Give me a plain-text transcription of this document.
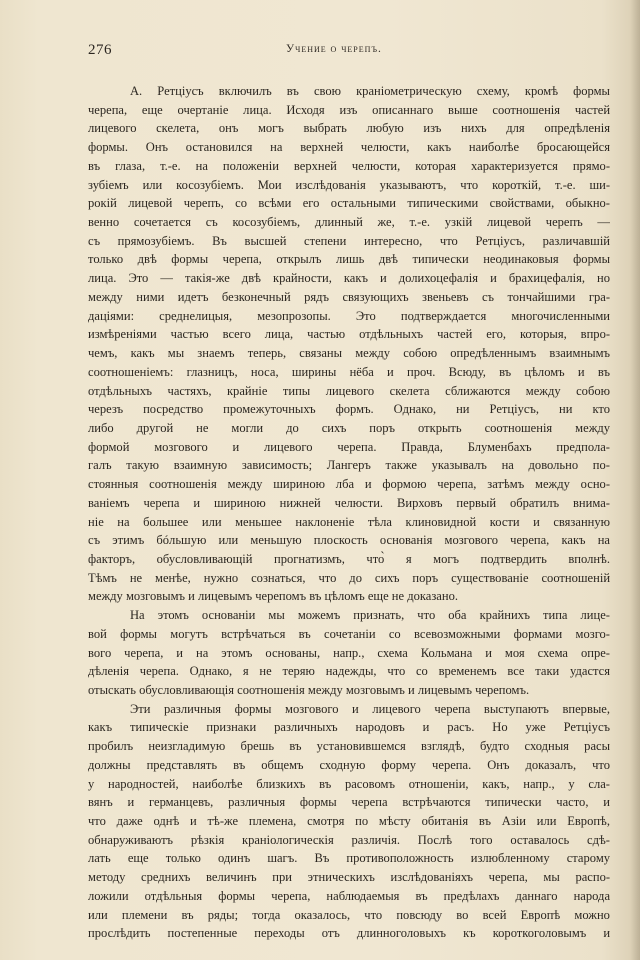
276	Учение о черепъ.
А. Ретціусъ включилъ въ свою краніометрическую схему, кромѣ формы
черепа, еще очертаніе лица. Исходя изъ описаннаго выше соотношенія частей
лицевого скелета, онъ могъ выбрать любую изъ нихъ для опредѣленія
формы. Онъ остановился на верхней челюсти, какъ наиболѣе бросающейся
въ глаза, т.-е. на положеніи верхней челюсти, которая характеризуется прямо-
зубіемъ или косозубіемъ. Мои изслѣдованія указываютъ, что короткій, т.-е. ши-
рокій лицевой черепъ, со всѣми его остальными типическими свойствами, обыкно-
венно сочетается съ косозубіемъ, длинный же, т.-е. узкій лицевой черепъ —
съ прямозубіемъ. Въ высшей степени интересно, что Ретціусъ, различавшій
только двѣ формы черепа, открылъ лишь двѣ типически неодинаковыя формы
лица. Это — такія-же двѣ крайности, какъ и долихоцефалія и брахицефалія, но
между ними идетъ безконечный рядъ связующихъ звеньевъ съ тончайшими гра-
даціями: среднелицыя, мезопрозопы. Это подтверждается многочисленными
измѣреніями частью всего лица, частью отдѣльныхъ частей его, которыя, впро-
чемъ, какъ мы знаемъ теперь, связаны между собою опредѣленнымъ взаимнымъ
соотношеніемъ: глазницъ, носа, ширины нёба и проч. Всюду, въ цѣломъ и въ
отдѣльныхъ частяхъ, крайніе типы лицевого скелета сближаются между собою
черезъ посредство промежуточныхъ формъ. Однако, ни Ретціусъ, ни кто
либо другой не могли до сихъ поръ открыть соотношенія между
формой мозгового и лицевого черепа. Правда, Блуменбахъ предпола-
галъ такую взаимную зависимость; Лангеръ также указывалъ на довольно по-
стоянныя соотношенія между шириною лба и формою черепа, затѣмъ между осно-
ваніемъ черепа и шириною нижней челюсти. Вирховъ первый обратилъ внима-
ніе на большее или меньшее наклоненіе тѣла клиновидной кости и связанную
съ этимъ бóльшую или меньшую плоскость основанія мозгового черепа, какъ на
факторъ, обусловливающій прогнатизмъ, что̀ я могъ подтвердить вполнѣ.
Тѣмъ не менѣе, нужно сознаться, что до сихъ поръ существованіе соотношеній
между мозговымъ и лицевымъ черепомъ въ цѣломъ еще не доказано.
На этомъ основаніи мы можемъ признать, что оба крайнихъ типа лице-
вой формы могутъ встрѣчаться въ сочетаніи со всевозможными формами мозго-
вого черепа, и на этомъ основаны, напр., схема Кольмана и моя схема опре-
дѣленія черепа. Однако, я не теряю надежды, что со временемъ все таки удастся
отыскать обусловливающія соотношенія между мозговымъ и лицевымъ черепомъ.
Эти различныя формы мозгового и лицевого черепа выступаютъ впервые,
какъ типическіе признаки различныхъ народовъ и расъ. Но уже Ретціусъ
пробилъ неизгладимую брешь въ установившемся взглядѣ, будто сходныя расы
должны представлять въ общемъ сходную форму черепа. Онъ доказалъ, что
у народностей, наиболѣе близкихъ въ расовомъ отношеніи, какъ, напр., у сла-
вянъ и германцевъ, различныя формы черепа встрѣчаются типически часто, и
что даже однѣ и тѣ-же племена, смотря по мѣсту обитанія въ Азіи или Европѣ,
обнаруживаютъ рѣзкія краніологическія различія. Послѣ того оставалось сдѣ-
лать еще только одинъ шагъ. Въ противоположность излюбленному старому
методу среднихъ величинъ при этническихъ изслѣдованіяхъ черепа, мы распо-
ложили отдѣльныя формы черепа, наблюдаемыя въ предѣлахъ даннаго народа
или племени въ ряды; тогда оказалось, что повсюду во всей Европѣ можно
прослѣдить постепенные переходы отъ длинноголовыхъ къ короткоголовымъ и
